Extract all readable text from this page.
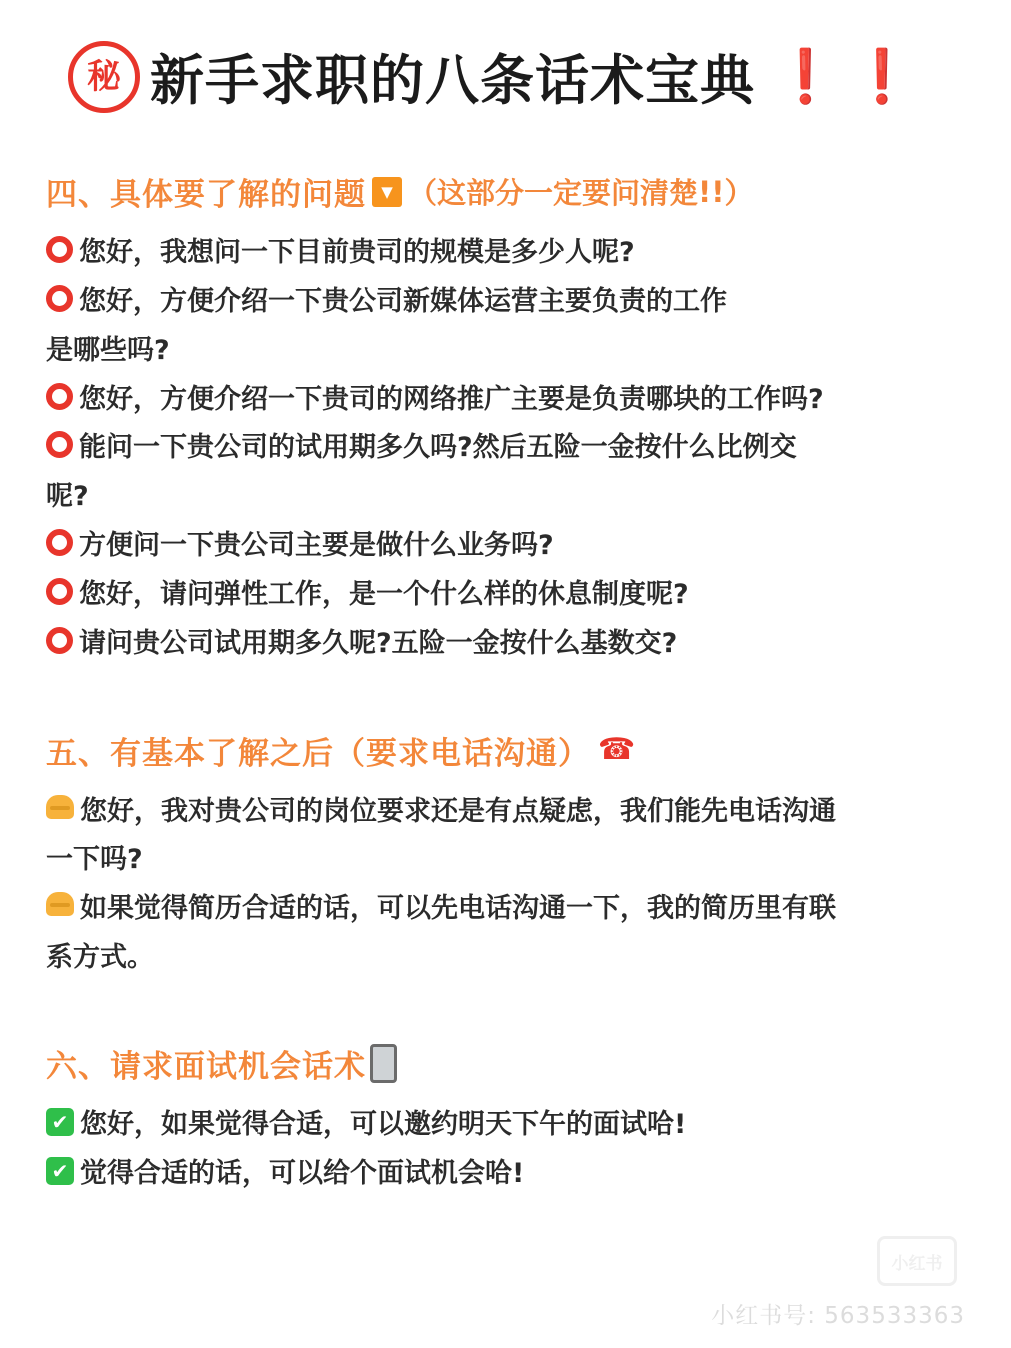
秘 新手求职的八条话术宝典 ❗ ❗
四、 具体要了解的问题	▼ （这部分一定要问清楚 !! ）
您好，我想问一下目前贵司的规模是多少人呢?
您好，方便介绍一下贵公司新媒体运营主要负责的工作
是哪些吗?
您好，方便介绍一下贵司的网络推广主要是负责哪块的工作吗?
能问一下贵公司的试用期多久吗?然后五险一金按什么比例交
呢?
方便问一下贵公司主要是做什么业务吗?
您好，请问弹性工作，是一个什么样的休息制度呢?
请问贵公司试用期多久呢?五险一金按什么基数交?
五、 有基本了解之后（要求电话沟通） ☎
您好，我对贵公司的岗位要求还是有点疑虑，我们能先电话沟通
一下吗?
如果觉得简历合适的话，可以先电话沟通一下，我的简历里有联
系方式。
六、 请求面试机会话术
✔ 您好，如果觉得合适，可以邀约明天下午的面试哈!
✔ 觉得合适的话，可以给个面试机会哈!
小红书
小红书号: 563533363
